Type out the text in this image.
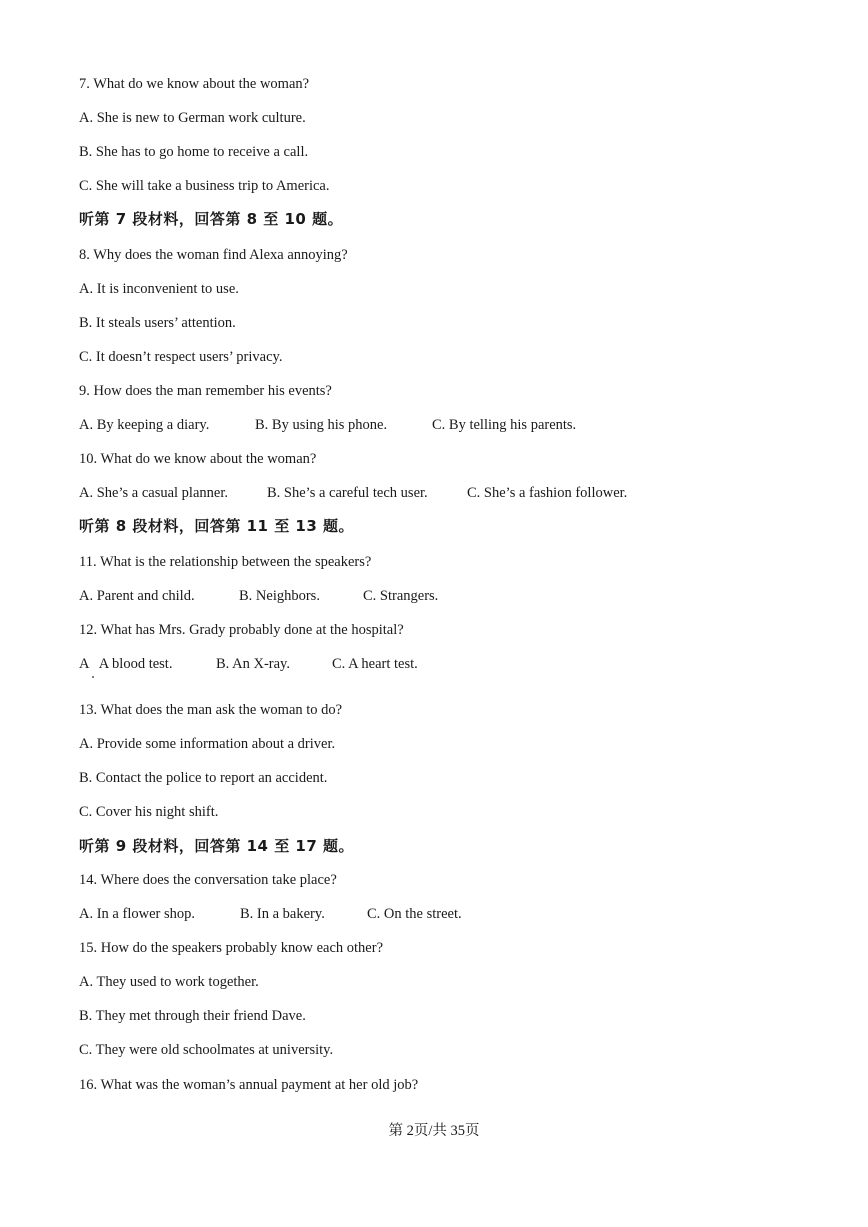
7. What do we know about the woman?
A. She is new to German work culture.
B. She has to go home to receive a call.
C. She will take a business trip to America.
听第 7 段材料，回答第 8 至 10 题。
8. Why does the woman find Alexa annoying?
A. It is inconvenient to use.
B. It steals users’ attention.
C. It doesn’t respect users’ privacy.
9. How does the man remember his events?
A. By keeping a diary.	B. By using his phone.	C. By telling his parents.
10. What do we know about the woman?
A. She’s a casual planner.	B. She’s a careful tech user.	C. She’s a fashion follower.
听第 8 段材料，回答第 11 至 13 题。
11. What is the relationship between the speakers?
A. Parent and child.	B. Neighbors.	C. Strangers.
12. What has Mrs. Grady probably done at the hospital?
A   A blood test.	B. An X-ray.	C. A heart test.
13. What does the man ask the woman to do?
A. Provide some information about a driver.
B. Contact the police to report an accident.
C. Cover his night shift.
听第 9 段材料，回答第 14 至 17 题。
14. Where does the conversation take place?
A. In a flower shop.	B. In a bakery.	C. On the street.
15. How do the speakers probably know each other?
A. They used to work together.
B. They met through their friend Dave.
C. They were old schoolmates at university.
16. What was the woman’s annual payment at her old job?
第 2页/共 35页
